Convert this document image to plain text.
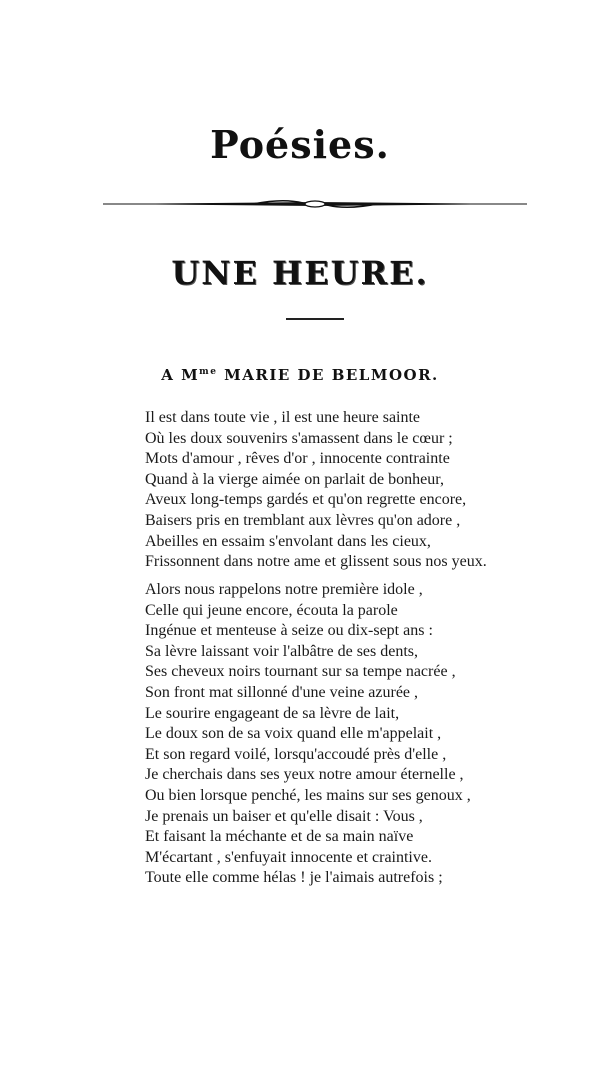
Poésies.
UNE HEURE.
A $M^{me}$ MARIE DE BELMOOR.
Il est dans toute vie , il est une heure sainte
Où les doux souvenirs s'amassent dans le cœur ;
Mots d'amour , rêves d'or , innocente contrainte
Quand à la vierge aimée on parlait de bonheur,
Aveux long-temps gardés et qu'on regrette encore,
Baisers pris en tremblant aux lèvres qu'on adore ,
Abeilles en essaim s'envolant dans les cieux,
Frissonnent dans notre ame et glissent sous nos yeux.
Alors nous rappelons notre première idole ,
Celle qui jeune encore, écouta la parole
Ingénue et menteuse à seize ou dix-sept ans :
Sa lèvre laissant voir l'albâtre de ses dents,
Ses cheveux noirs tournant sur sa tempe nacrée ,
Son front mat sillonné d'une veine azurée ,
Le sourire engageant de sa lèvre de lait,
Le doux son de sa voix quand elle m'appelait ,
Et son regard voilé, lorsqu'accoudé près d'elle ,
Je cherchais dans ses yeux notre amour éternelle ,
Ou bien lorsque penché, les mains sur ses genoux ,
Je prenais un baiser et qu'elle disait : Vous ,
Et faisant la méchante et de sa main naïve
M'écartant , s'enfuyait innocente et craintive.
Toute elle comme hélas ! je l'aimais autrefois ;
